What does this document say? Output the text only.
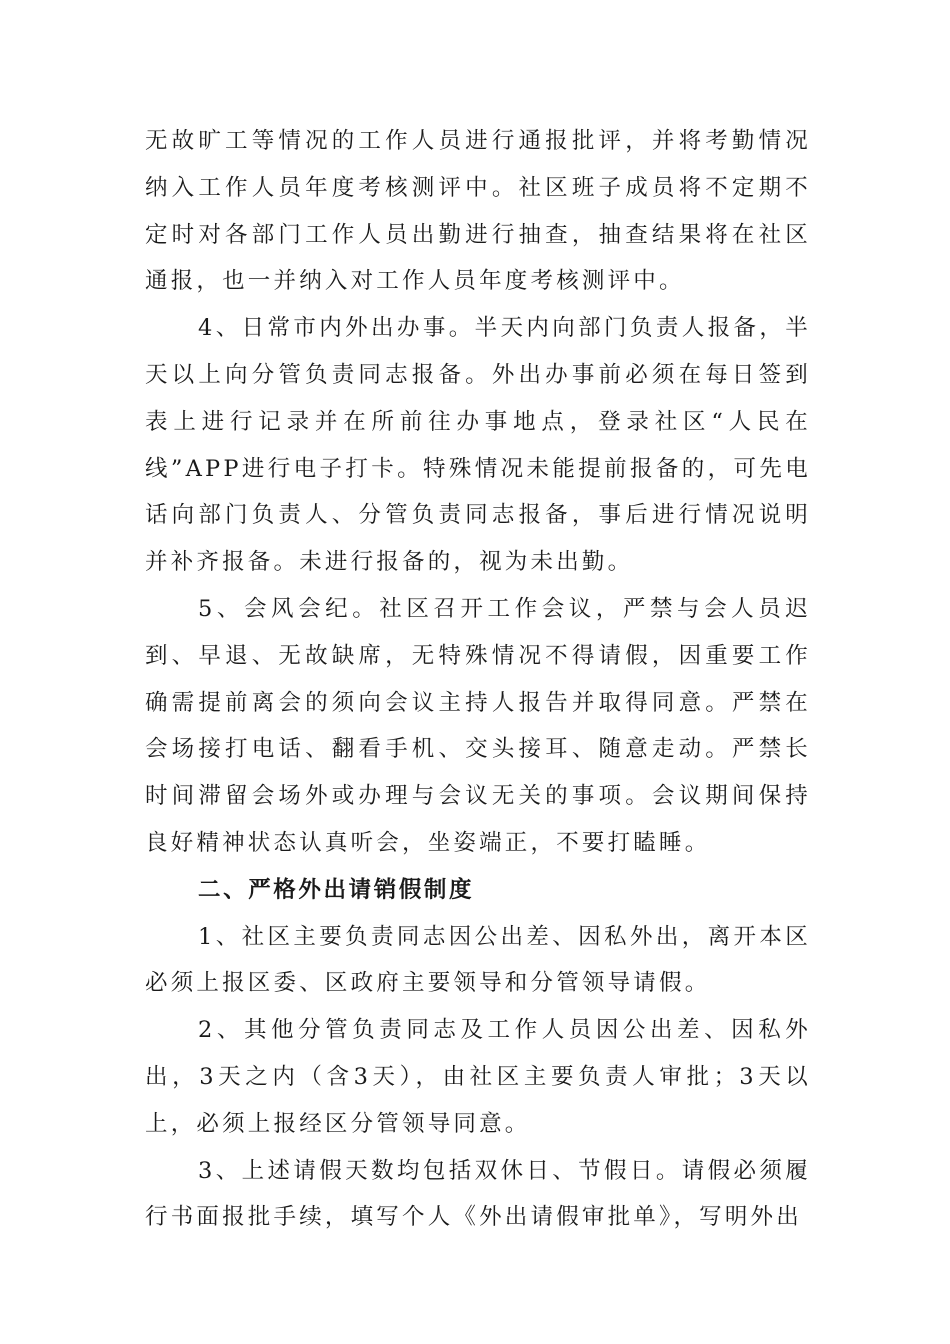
无故旷工等情况的工作人员进行通报批评，并将考勤情况纳入工作人员年度考核测评中。社区班子成员将不定期不定时对各部门工作人员出勤进行抽查，抽查结果将在社区通报，也一并纳入对工作人员年度考核测评中。

4、日常市内外出办事。半天内向部门负责人报备，半天以上向分管负责同志报备。外出办事前必须在每日签到表上进行记录并在所前往办事地点，登录社区“人民在线”APP进行电子打卡。特殊情况未能提前报备的，可先电话向部门负责人、分管负责同志报备，事后进行情况说明并补齐报备。未进行报备的，视为未出勤。

5、会风会纪。社区召开工作会议，严禁与会人员迟到、早退、无故缺席，无特殊情况不得请假，因重要工作确需提前离会的须向会议主持人报告并取得同意。严禁在会场接打电话、翻看手机、交头接耳、随意走动。严禁长时间滞留会场外或办理与会议无关的事项。会议期间保持良好精神状态认真听会，坐姿端正，不要打瞌睡。

二、严格外出请销假制度

1、社区主要负责同志因公出差、因私外出，离开本区必须上报区委、区政府主要领导和分管领导请假。

2、其他分管负责同志及工作人员因公出差、因私外出，3天之内（含3天），由社区主要负责人审批；3天以上，必须上报经区分管领导同意。

3、上述请假天数均包括双休日、节假日。请假必须履行书面报批手续，填写个人《外出请假审批单》，写明外出
